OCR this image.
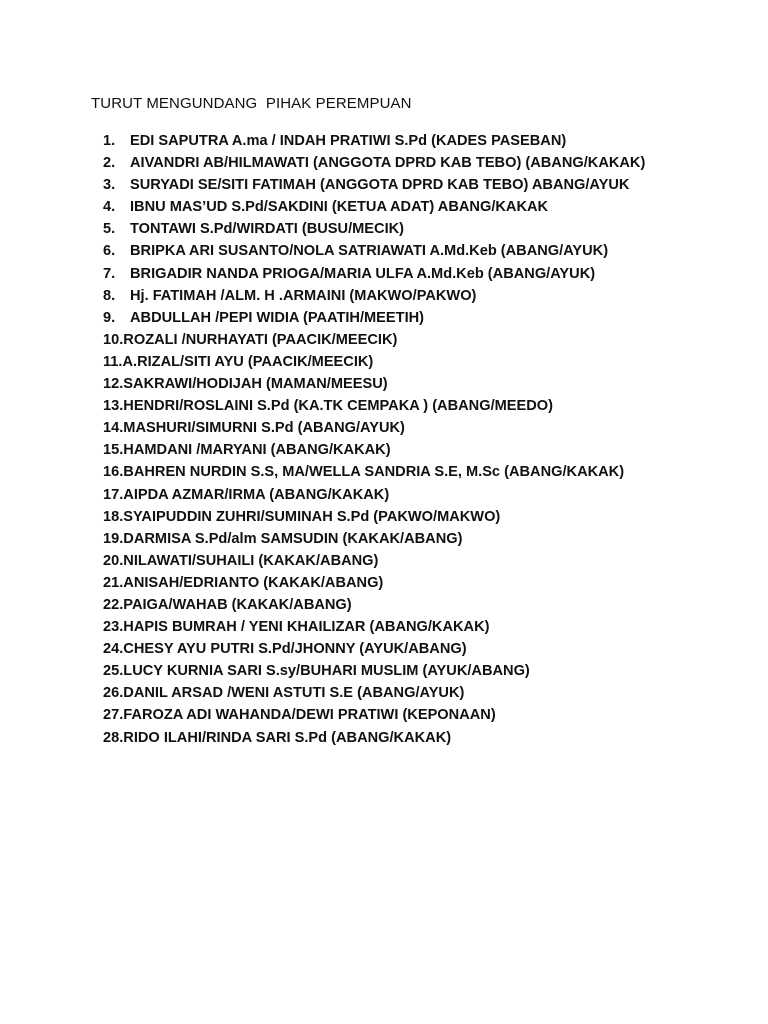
TURUT MENGUNDANG  PIHAK PEREMPUAN

1.	EDI SAPUTRA A.ma / INDAH PRATIWI S.Pd (KADES PASEBAN)
2.	AIVANDRI AB/HILMAWATI (ANGGOTA DPRD KAB TEBO) (ABANG/KAKAK)
3.	SURYADI SE/SITI FATIMAH (ANGGOTA DPRD KAB TEBO) ABANG/AYUK
4.	IBNU MAS’UD S.Pd/SAKDINI (KETUA ADAT) ABANG/KAKAK
5.	TONTAWI S.Pd/WIRDATI (BUSU/MECIK)
6.	BRIPKA ARI SUSANTO/NOLA SATRIAWATI A.Md.Keb (ABANG/AYUK)
7.	BRIGADIR NANDA PRIOGA/MARIA ULFA A.Md.Keb (ABANG/AYUK)
8.	Hj. FATIMAH /ALM. H .ARMAINI (MAKWO/PAKWO)
9.	ABDULLAH /PEPI WIDIA (PAATIH/MEETIH)
10. ROZALI /NURHAYATI (PAACIK/MEECIK)
11. A.RIZAL/SITI AYU (PAACIK/MEECIK)
12. SAKRAWI/HODIJAH (MAMAN/MEESU)
13. HENDRI/ROSLAINI S.Pd (KA.TK CEMPAKA ) (ABANG/MEEDO)
14. MASHURI/SIMURNI S.Pd (ABANG/AYUK)
15. HAMDANI /MARYANI (ABANG/KAKAK)
16. BAHREN NURDIN S.S, MA/WELLA SANDRIA S.E, M.Sc (ABANG/KAKAK)
17. AIPDA AZMAR/IRMA (ABANG/KAKAK)
18. SYAIPUDDIN ZUHRI/SUMINAH S.Pd (PAKWO/MAKWO)
19. DARMISA S.Pd/alm SAMSUDIN (KAKAK/ABANG)
20. NILAWATI/SUHAILI (KAKAK/ABANG)
21. ANISAH/EDRIANTO (KAKAK/ABANG)
22. PAIGA/WAHAB (KAKAK/ABANG)
23. HAPIS BUMRAH / YENI KHAILIZAR (ABANG/KAKAK)
24. CHESY AYU PUTRI S.Pd/JHONNY (AYUK/ABANG)
25. LUCY KURNIA SARI S.sy/BUHARI MUSLIM (AYUK/ABANG)
26. DANIL ARSAD /WENI ASTUTI S.E (ABANG/AYUK)
27. FAROZA ADI WAHANDA/DEWI PRATIWI (KEPONAAN)
28. RIDO ILAHI/RINDA SARI S.Pd (ABANG/KAKAK)
